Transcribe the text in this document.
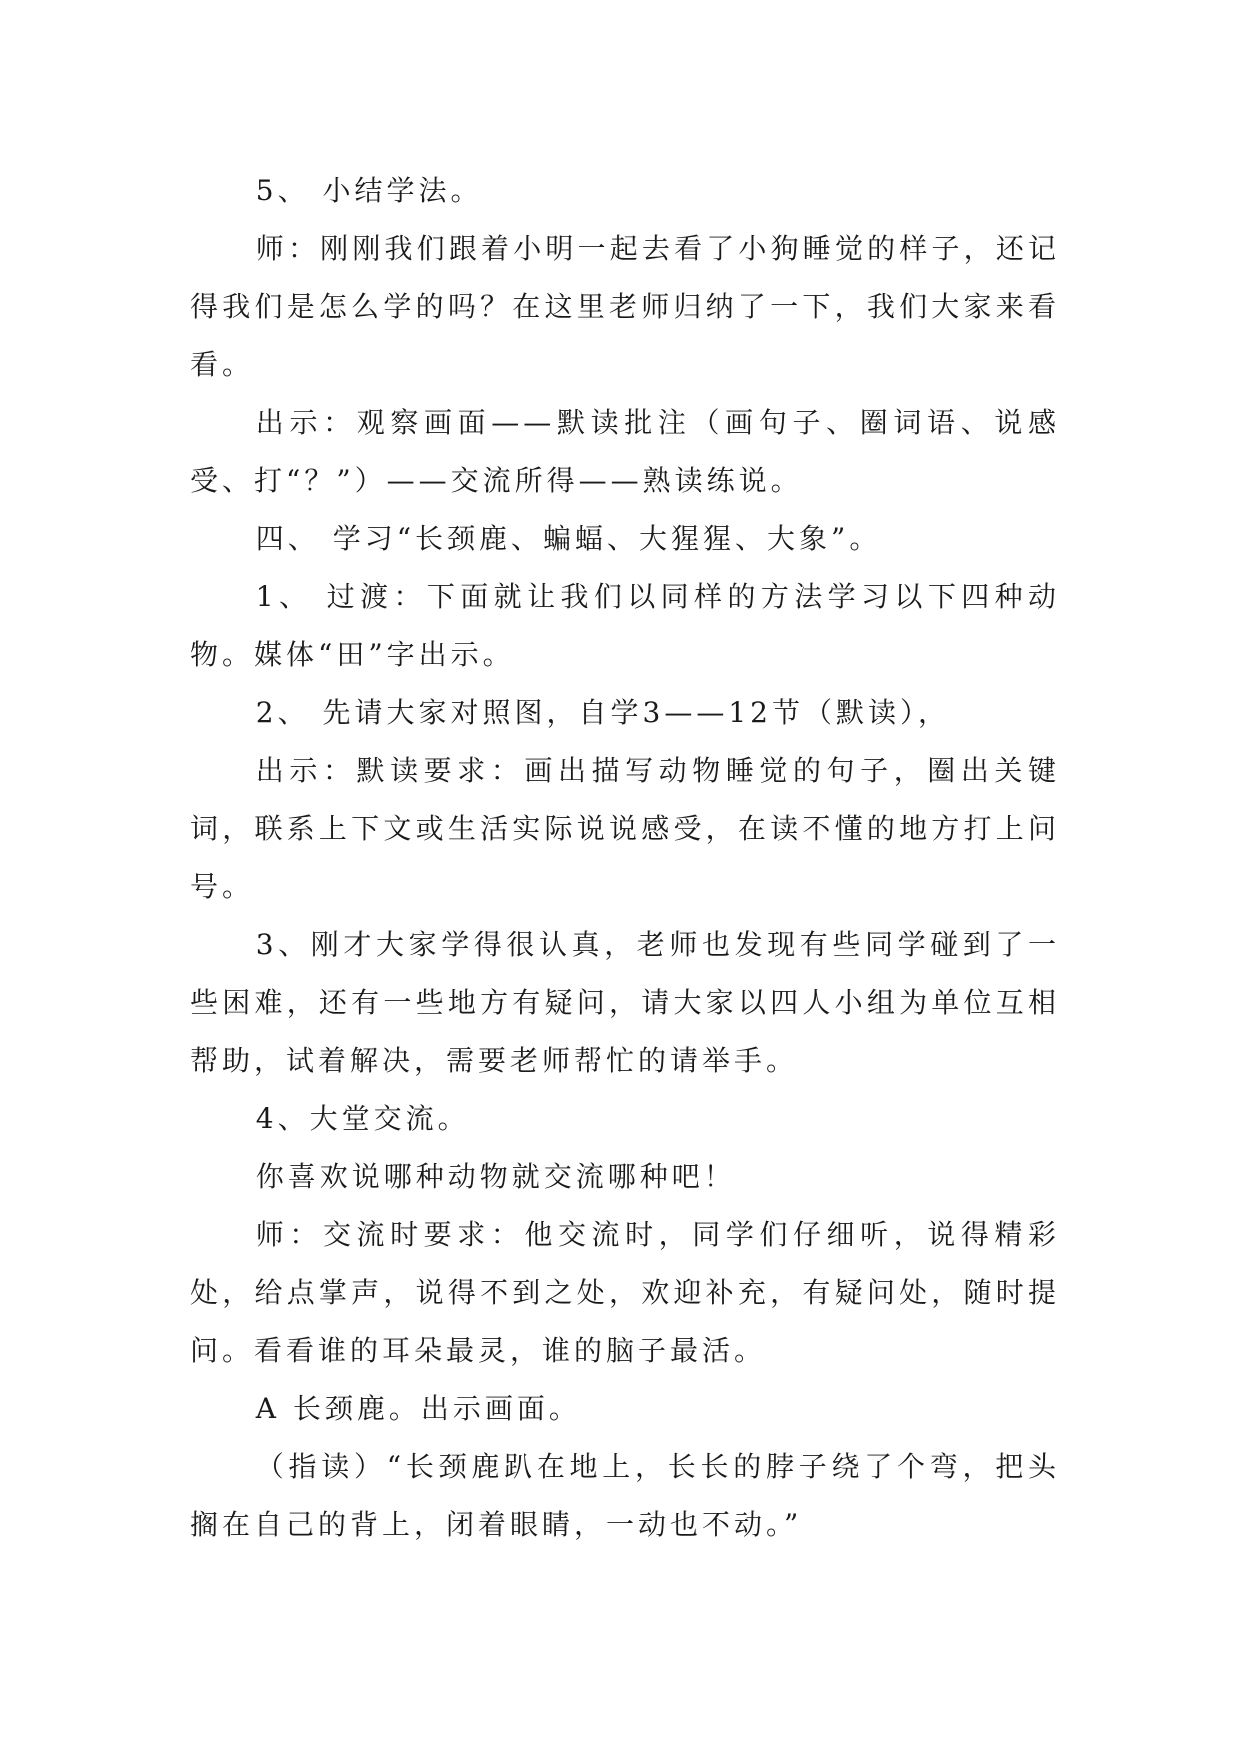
5、 小结学法。

师：刚刚我们跟着小明一起去看了小狗睡觉的样子，还记得我们是怎么学的吗？在这里老师归纳了一下，我们大家来看看。

出示：观察画面——默读批注（画句子、圈词语、说感受、打“？”）——交流所得——熟读练说。

四、 学习“长颈鹿、蝙蝠、大猩猩、大象”。

1、 过渡：下面就让我们以同样的方法学习以下四种动物。媒体“田”字出示。

2、 先请大家对照图，自学3——12节（默读），

出示：默读要求：画出描写动物睡觉的句子，圈出关键词，联系上下文或生活实际说说感受，在读不懂的地方打上问号。

3、刚才大家学得很认真，老师也发现有些同学碰到了一些困难，还有一些地方有疑问，请大家以四人小组为单位互相帮助，试着解决，需要老师帮忙的请举手。

4、大堂交流。

你喜欢说哪种动物就交流哪种吧！

师：交流时要求：他交流时，同学们仔细听，说得精彩处，给点掌声，说得不到之处，欢迎补充，有疑问处，随时提问。看看谁的耳朵最灵，谁的脑子最活。

A 长颈鹿。出示画面。

（指读）“长颈鹿趴在地上，长长的脖子绕了个弯，把头搁在自己的背上，闭着眼睛，一动也不动。”
